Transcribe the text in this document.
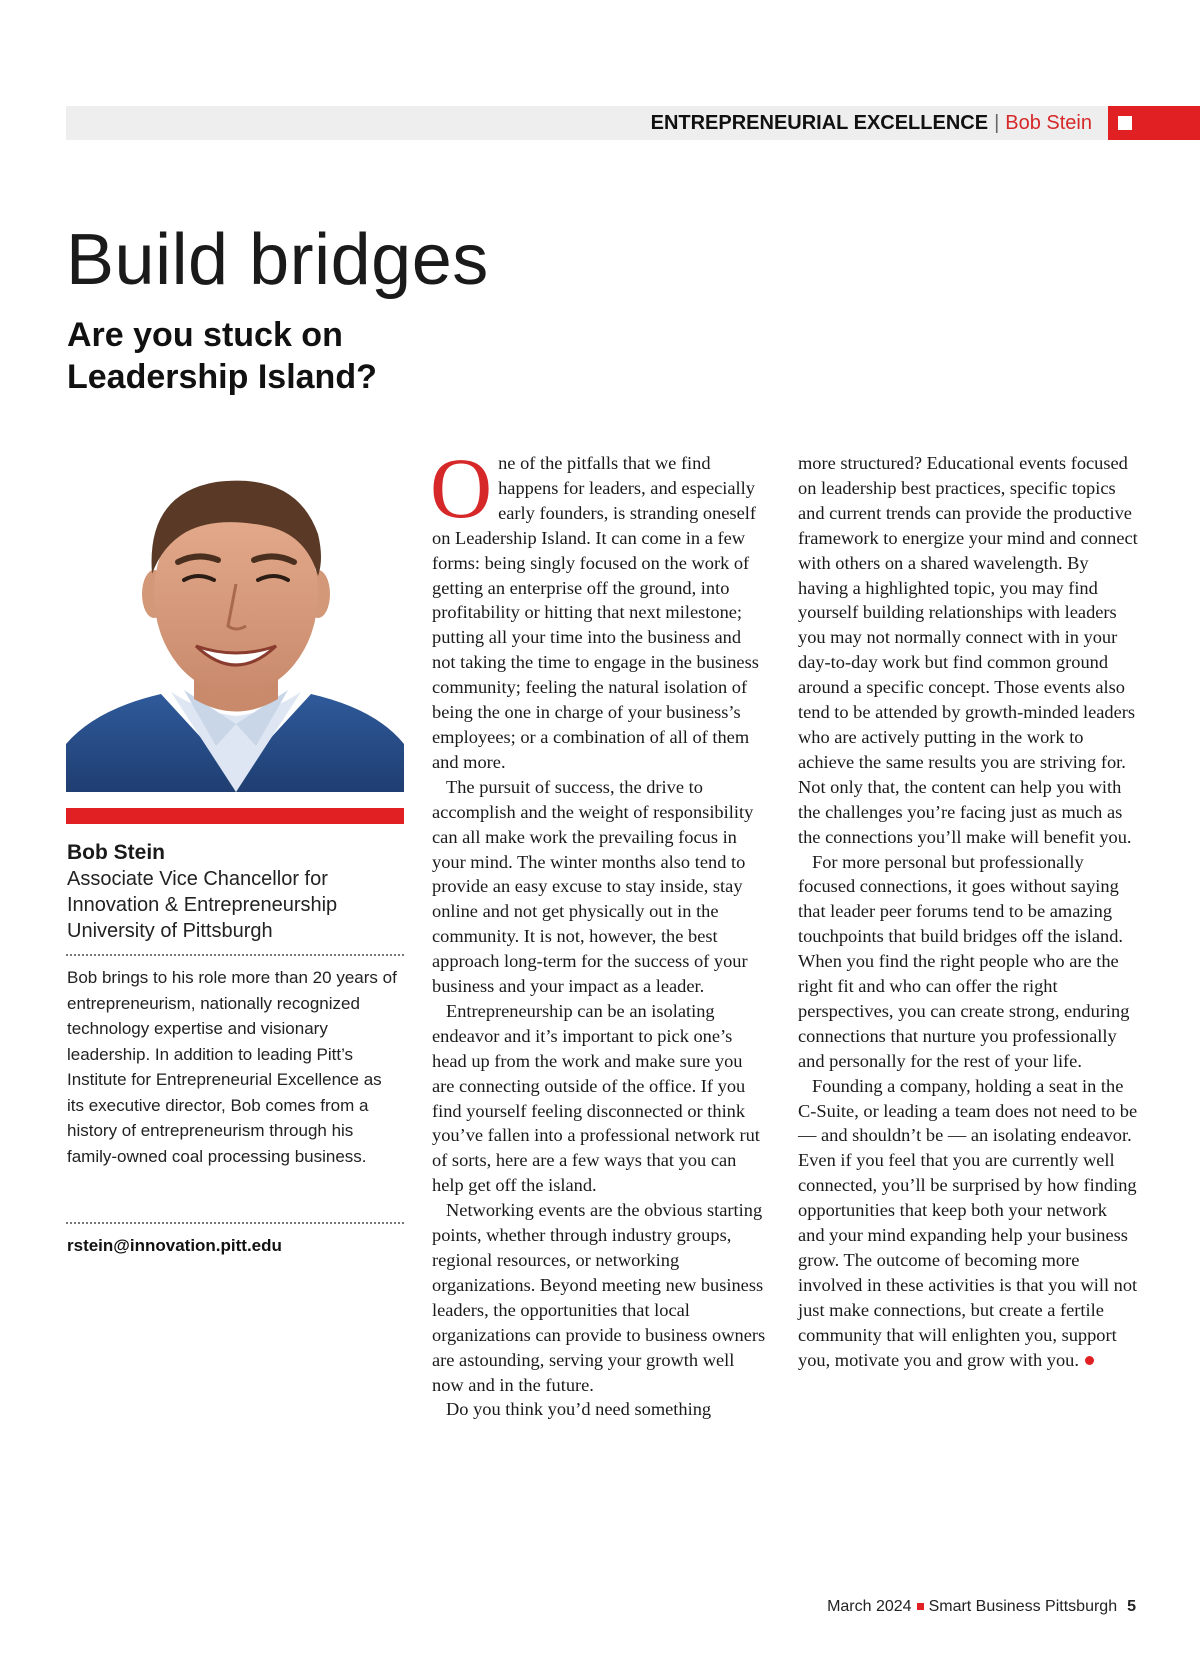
ENTREPRENEURIAL EXCELLENCE | Bob Stein
Build bridges
Are you stuck on Leadership Island?
Bob Stein
Associate Vice Chancellor for
Innovation & Entrepreneurship
University of Pittsburgh
Bob brings to his role more than 20 years of entrepreneurism, nationally recognized technology expertise and visionary leadership. In addition to leading Pitt’s Institute for Entrepreneurial Excellence as its executive director, Bob comes from a history of entrepreneurism through his family-owned coal processing business.
rstein@innovation.pitt.edu

One of the pitfalls that we find happens for leaders, and especially early founders, is stranding oneself on Leadership Island. It can come in a few forms: being singly focused on the work of getting an enterprise off the ground, into profitability or hitting that next milestone; putting all your time into the business and not taking the time to engage in the business community; feeling the natural isolation of being the one in charge of your business’s employees; or a combination of all of them and more.

The pursuit of success, the drive to accomplish and the weight of responsibility can all make work the prevailing focus in your mind. The winter months also tend to provide an easy excuse to stay inside, stay online and not get physically out in the community. It is not, however, the best approach long-term for the success of your business and your impact as a leader.

Entrepreneurship can be an isolating endeavor and it’s important to pick one’s head up from the work and make sure you are connecting outside of the office. If you find yourself feeling disconnected or think you’ve fallen into a professional network rut of sorts, here are a few ways that you can help get off the island.

Networking events are the obvious starting points, whether through industry groups, regional resources, or networking organizations. Beyond meeting new business leaders, the opportunities that local organizations can provide to business owners are astounding, serving your growth well now and in the future.

Do you think you’d need something

more structured? Educational events focused on leadership best practices, specific topics and current trends can provide the productive framework to energize your mind and connect with others on a shared wavelength. By having a highlighted topic, you may find yourself building relationships with leaders you may not normally connect with in your day-to-day work but find common ground around a specific concept. Those events also tend to be attended by growth-minded leaders who are actively putting in the work to achieve the same results you are striving for. Not only that, the content can help you with the challenges you’re facing just as much as the connections you’ll make will benefit you.

For more personal but professionally focused connections, it goes without saying that leader peer forums tend to be amazing touchpoints that build bridges off the island. When you find the right people who are the right fit and who can offer the right perspectives, you can create strong, enduring connections that nurture you professionally and personally for the rest of your life.

Founding a company, holding a seat in the C-Suite, or leading a team does not need to be — and shouldn’t be — an isolating endeavor. Even if you feel that you are currently well connected, you’ll be surprised by how finding opportunities that keep both your network and your mind expanding help your business grow. The outcome of becoming more involved in these activities is that you will not just make connections, but create a fertile community that will enlighten you, support you, motivate you and grow with you.

March 2024 Smart Business Pittsburgh 5
